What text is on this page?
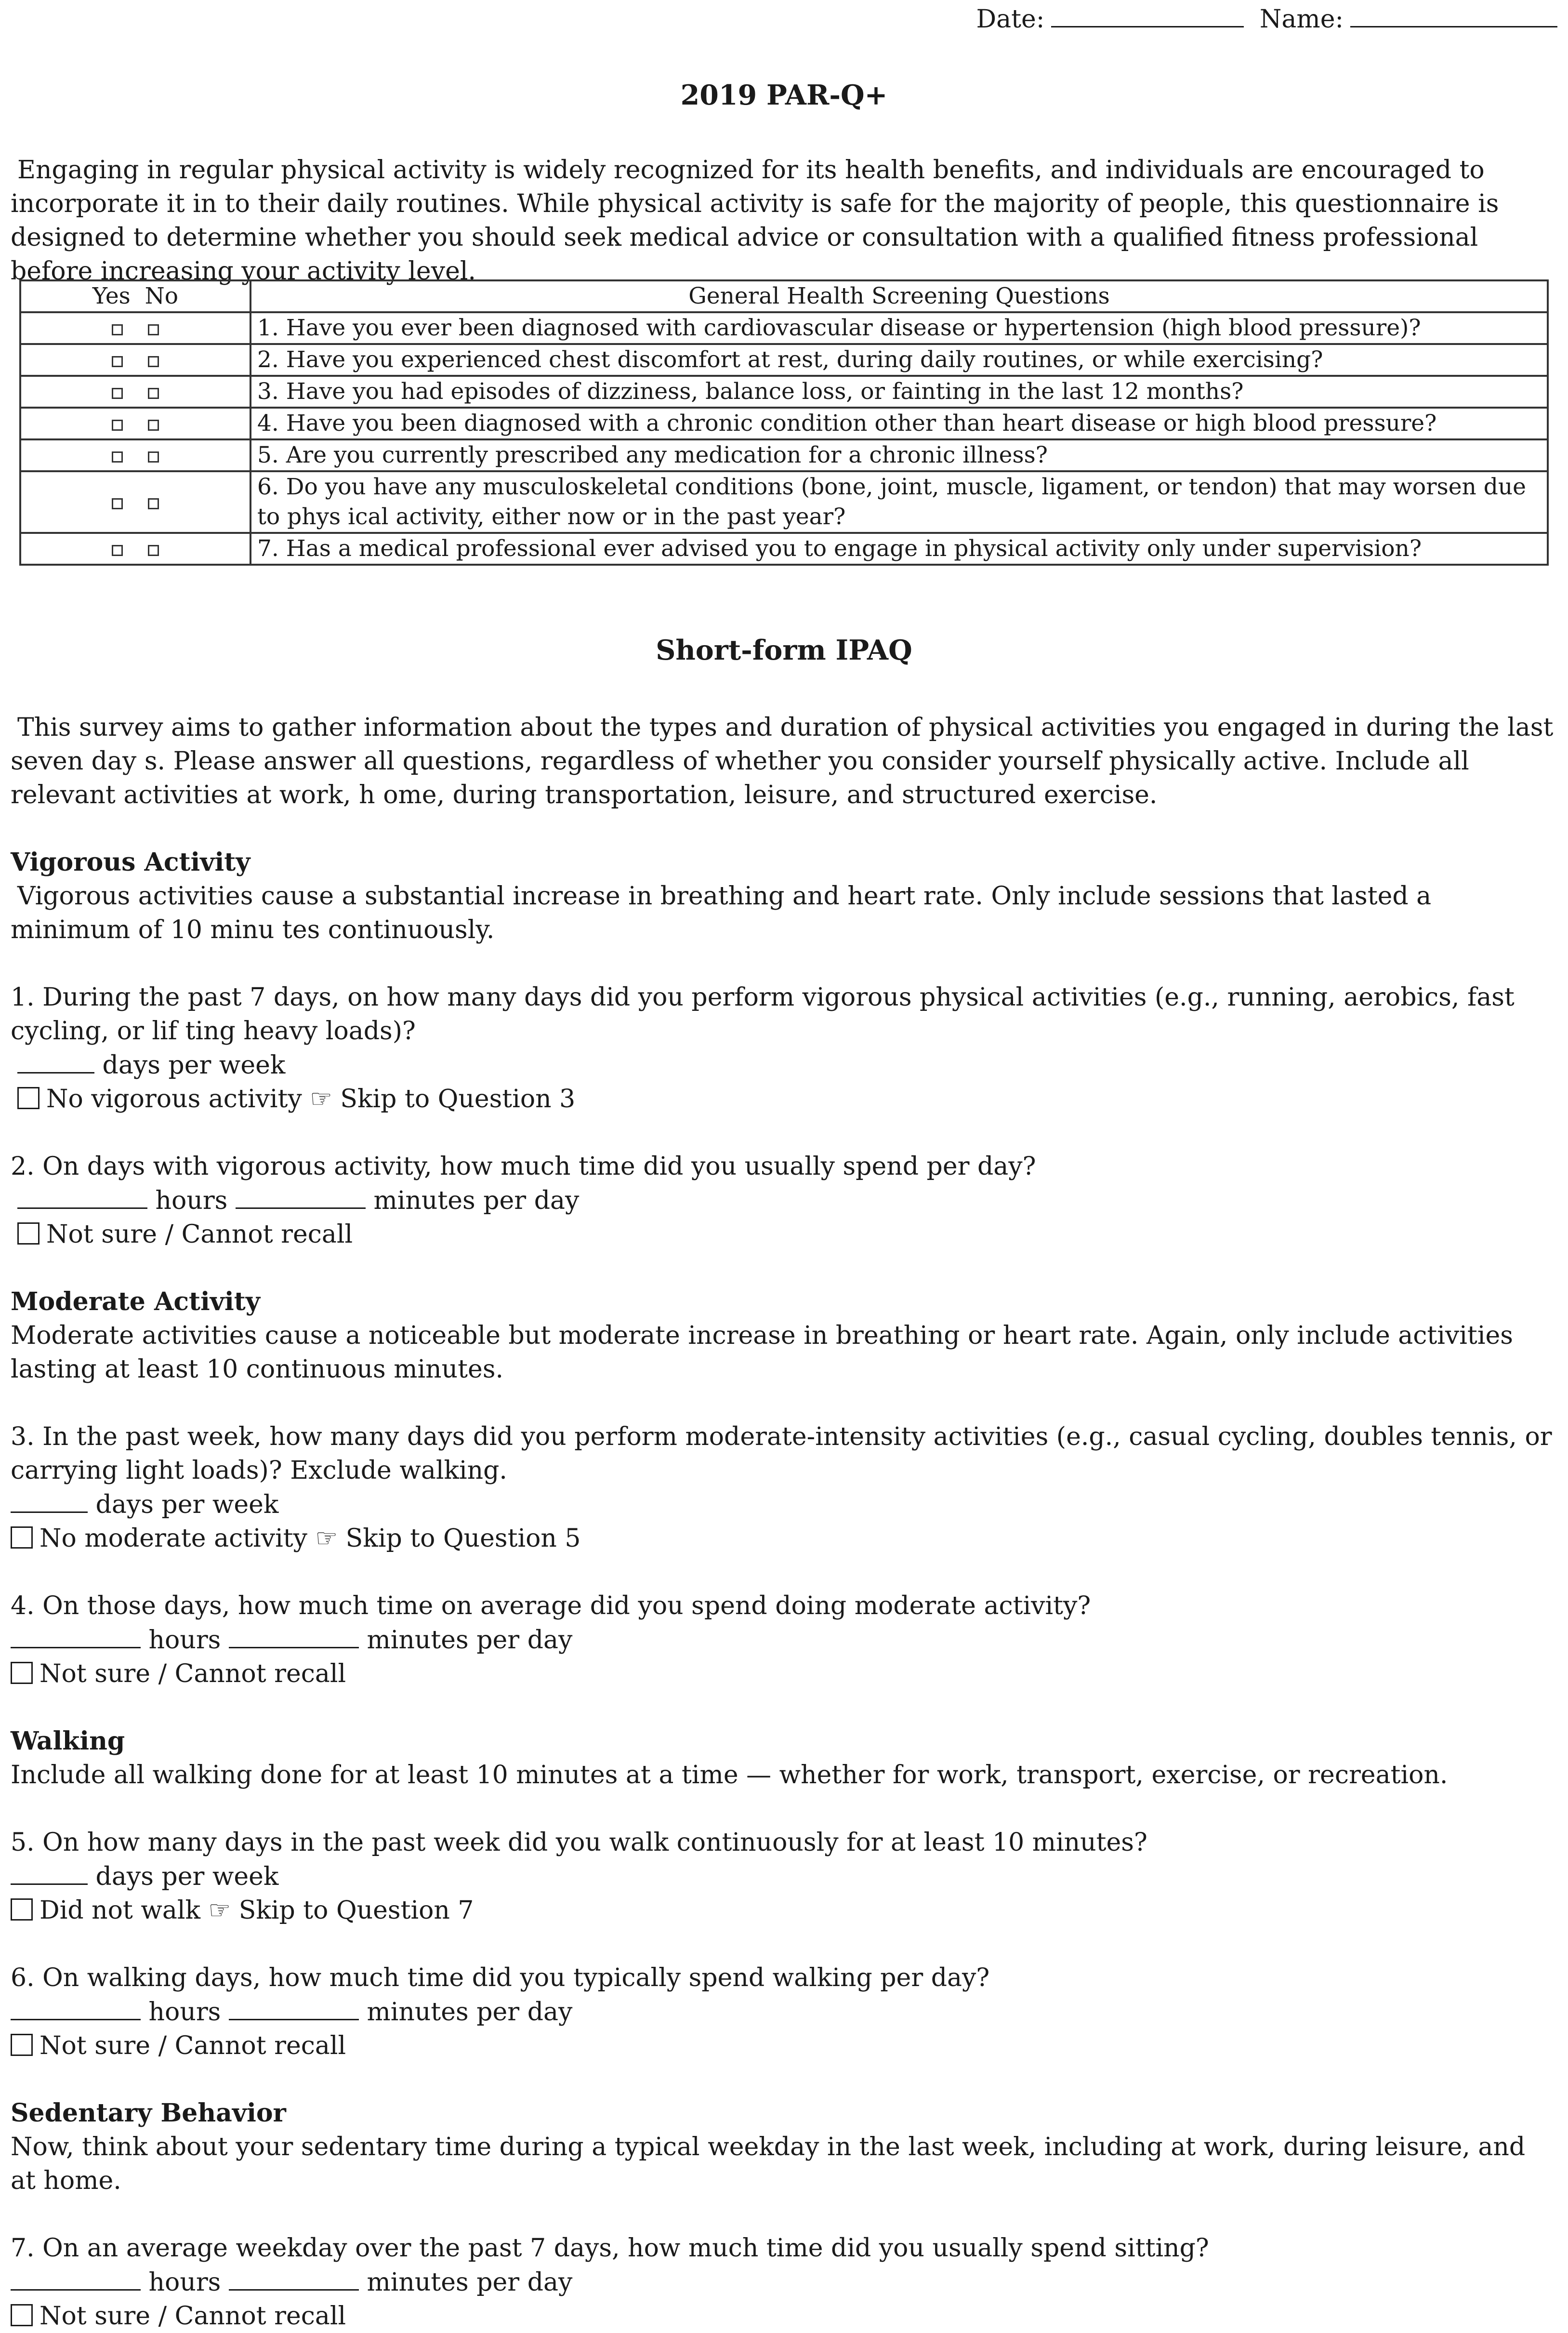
Date:	Name:
2019 PAR-Q+

Engaging in regular physical activity is widely recognized for its health benefits, and individuals are encouraged to incorporate it in to their daily routines. While physical activity is safe for the majority of people, this questionnaire is designed to determine whether you should seek medical advice or consultation with a qualified fitness professional before increasing your activity level.

Yes No	General Health Screening Questions
	1. Have you ever been diagnosed with cardiovascular disease or hypertension (high blood pressure)?
	2. Have you experienced chest discomfort at rest, during daily routines, or while exercising?
	3. Have you had episodes of dizziness, balance loss, or fainting in the last 12 months?
	4. Have you been diagnosed with a chronic condition other than heart disease or high blood pressure?
	5. Are you currently prescribed any medication for a chronic illness?
	6. Do you have any musculoskeletal conditions (bone, joint, muscle, ligament, or tendon) that may worsen due to phys ical activity, either now or in the past year?
	7. Has a medical professional ever advised you to engage in physical activity only under supervision?
Short-form IPAQ

This survey aims to gather information about the types and duration of physical activities you engaged in during the last seven day s. Please answer all questions, regardless of whether you consider yourself physically active. Include all relevant activities at work, h ome, during transportation, leisure, and structured exercise.

Vigorous Activity
Vigorous activities cause a substantial increase in breathing and heart rate. Only include sessions that lasted a minimum of 10 minu tes continuously.
1. During the past 7 days, on how many days did you perform vigorous physical activities (e.g., running, aerobics, fast cycling, or lif ting heavy loads)?
days per week
No vigorous activity ☞ Skip to Question 3
2. On days with vigorous activity, how much time did you usually spend per day?
hours	minutes per day
Not sure / Cannot recall
Moderate Activity
Moderate activities cause a noticeable but moderate increase in breathing or heart rate. Again, only include activities lasting at least 10 continuous minutes.
3. In the past week, how many days did you perform moderate-intensity activities (e.g., casual cycling, doubles tennis, or carrying light loads)? Exclude walking.
days per week
No moderate activity ☞ Skip to Question 5
4. On those days, how much time on average did you spend doing moderate activity?
hours	minutes per day
Not sure / Cannot recall
Walking
Include all walking done for at least 10 minutes at a time — whether for work, transport, exercise, or recreation.
5. On how many days in the past week did you walk continuously for at least 10 minutes?
days per week
Did not walk ☞ Skip to Question 7
6. On walking days, how much time did you typically spend walking per day?
hours	minutes per day
Not sure / Cannot recall
Sedentary Behavior
Now, think about your sedentary time during a typical weekday in the last week, including at work, during leisure, and at home.
7. On an average weekday over the past 7 days, how much time did you usually spend sitting?
hours	minutes per day
Not sure / Cannot recall
